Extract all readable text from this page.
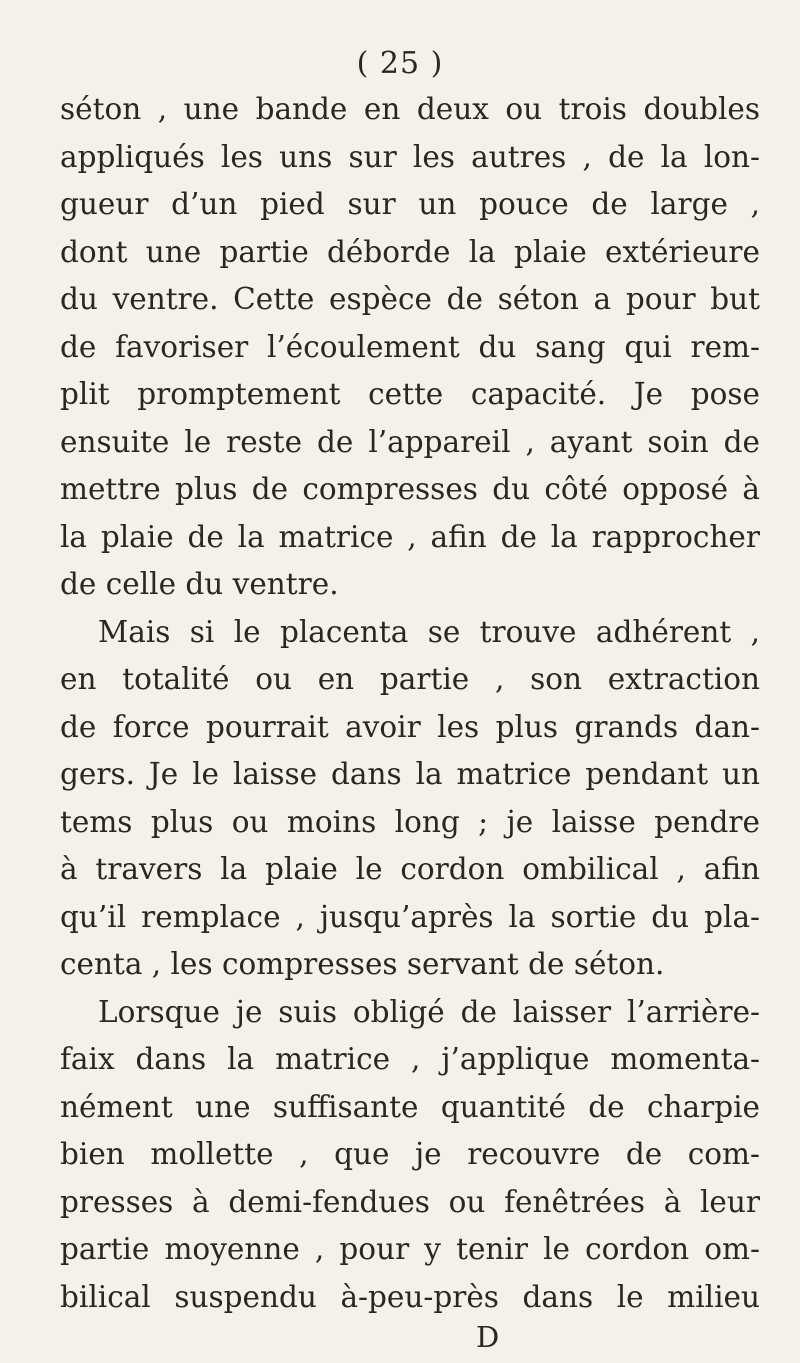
( 25 )
séton , une bande en deux ou trois doubles
appliqués les uns sur les autres , de la lon-
gueur d’un pied sur un pouce de large ,
dont une partie déborde la plaie extérieure
du ventre. Cette espèce de séton a pour but
de favoriser l’écoulement du sang qui rem-
plit promptement cette capacité. Je pose
ensuite le reste de l’appareil , ayant soin de
mettre plus de compresses du côté opposé à
la plaie de la matrice , afin de la rapprocher
de celle du ventre.
Mais si le placenta se trouve adhérent ,
en totalité ou en partie , son extraction
de force pourrait avoir les plus grands dan-
gers. Je le laisse dans la matrice pendant un
tems plus ou moins long ; je laisse pendre
à travers la plaie le cordon ombilical , afin
qu’il remplace , jusqu’après la sortie du pla-
centa , les compresses servant de séton.
Lorsque je suis obligé de laisser l’arrière-
faix dans la matrice , j’applique momenta-
nément une suffisante quantité de charpie
bien mollette , que je recouvre de com-
presses à demi-fendues ou fenêtrées à leur
partie moyenne , pour y tenir le cordon om-
bilical suspendu à-peu-près dans le milieu
D
